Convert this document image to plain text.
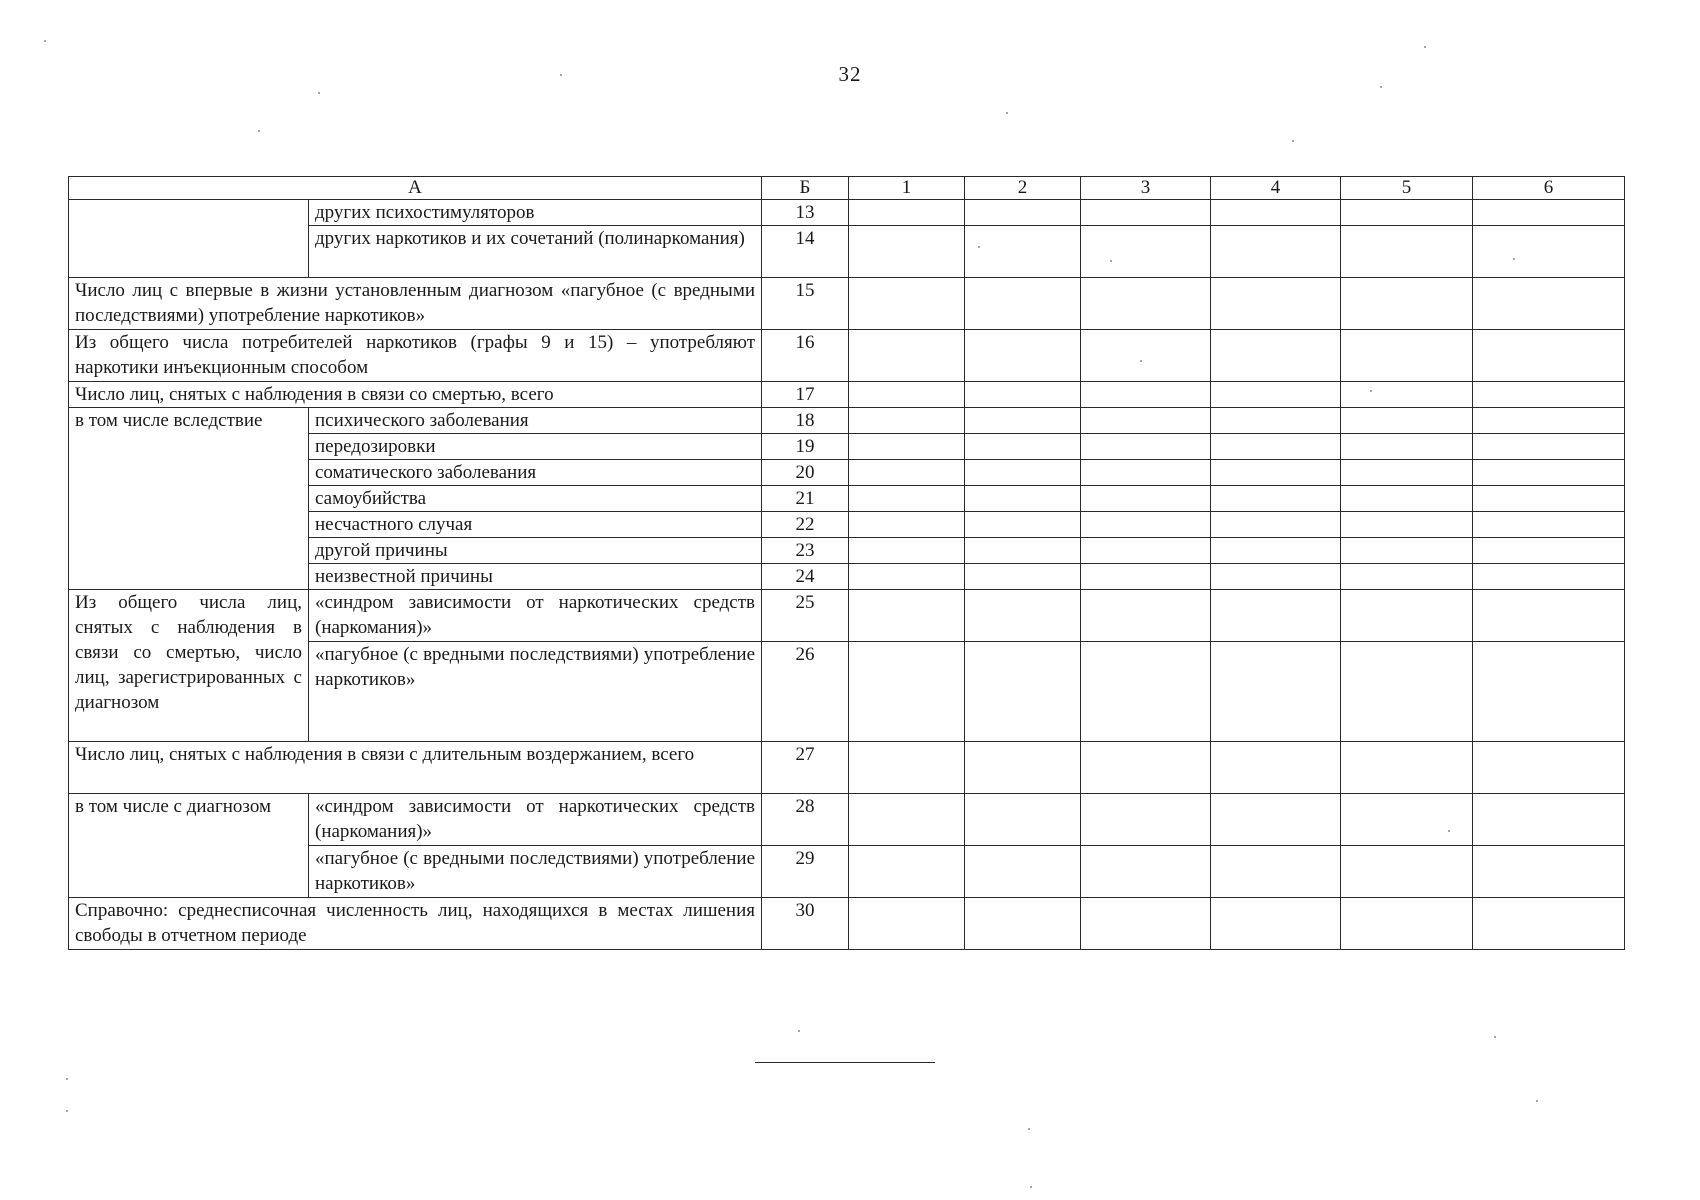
32
А		Б	1	2	3	4	5	6
	других психостимуляторов	13						
	других наркотиков и их сочетаний (полинаркомания)	14						
Число лиц с впервые в жизни установленным диагнозом «пагубное (с вредными последствиями) употребление наркотиков»		15						
Из общего числа потребителей наркотиков (графы 9 и 15) – употребляют наркотики инъекционным способом		16						
Число лиц, снятых с наблюдения в связи со смертью, всего		17						
в том числе вследствие	психического заболевания	18						
	передозировки	19						
	соматического заболевания	20						
	самоубийства	21						
	несчастного случая	22						
	другой причины	23						
	неизвестной причины	24						
Из общего числа лиц, снятых с наблюдения в связи со смертью, число лиц, зарегистрированных с диагнозом	«синдром зависимости от наркотических средств (наркомания)»	25						
	«пагубное (с вредными последствиями) употребление наркотиков»	26						
Число лиц, снятых с наблюдения в связи с длительным воздержанием, всего		27						
в том числе с диагнозом	«синдром зависимости от наркотических средств (наркомания)»	28						
	«пагубное (с вредными последствиями) употребление наркотиков»	29						
Справочно: среднесписочная численность лиц, находящихся в местах лишения свободы в отчетном периоде		30						
